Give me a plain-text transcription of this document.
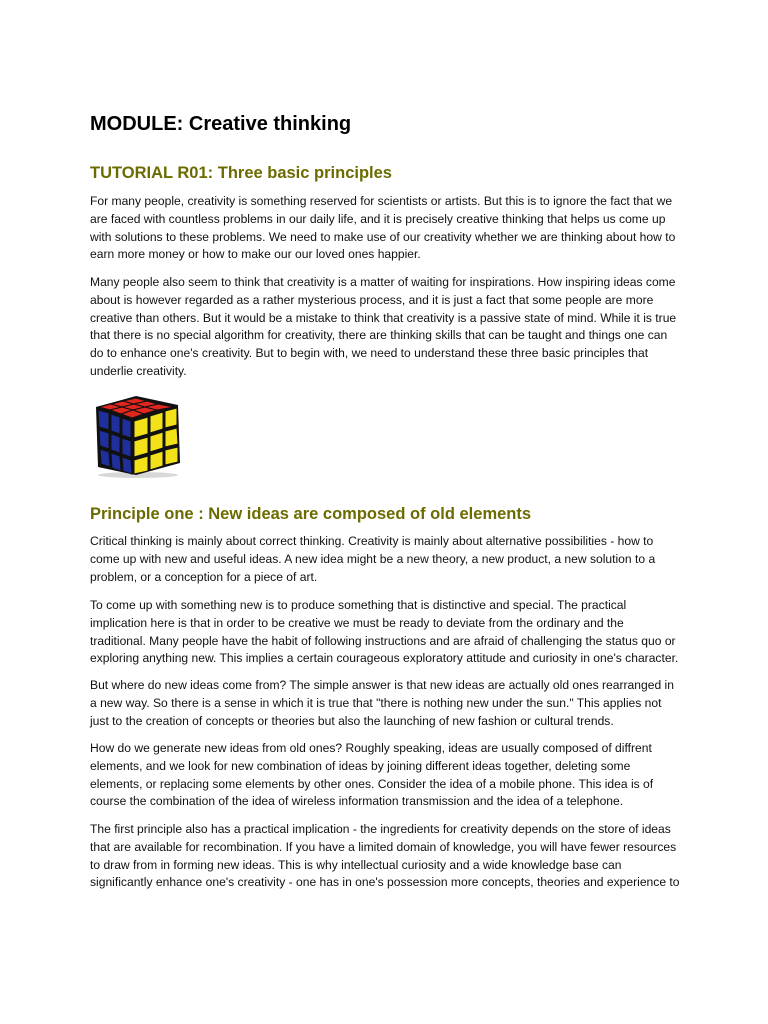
MODULE: Creative thinking
TUTORIAL R01: Three basic principles

For many people, creativity is something reserved for scientists or artists. But this is to ignore the fact that we are faced with countless problems in our daily life, and it is precisely creative thinking that helps us come up with solutions to these problems. We need to make use of our creativity whether we are thinking about how to earn more money or how to make our our loved ones happier.

Many people also seem to think that creativity is a matter of waiting for inspirations. How inspiring ideas come about is however regarded as a rather mysterious process, and it is just a fact that some people are more creative than others. But it would be a mistake to think that creativity is a passive state of mind. While it is true that there is no special algorithm for creativity, there are thinking skills that can be taught and things one can do to enhance one's creativity. But to begin with, we need to understand these three basic principles that underlie creativity.

Principle one : New ideas are composed of old elements

Critical thinking is mainly about correct thinking. Creativity is mainly about alternative possibilities - how to come up with new and useful ideas. A new idea might be a new theory, a new product, a new solution to a problem, or a conception for a piece of art.

To come up with something new is to produce something that is distinctive and special. The practical implication here is that in order to be creative we must be ready to deviate from the ordinary and the traditional. Many people have the habit of following instructions and are afraid of challenging the status quo or exploring anything new. This implies a certain courageous exploratory attitude and curiosity in one's character.

But where do new ideas come from? The simple answer is that new ideas are actually old ones rearranged in a new way. So there is a sense in which it is true that "there is nothing new under the sun." This applies not just to the creation of concepts or theories but also the launching of new fashion or cultural trends.

How do we generate new ideas from old ones? Roughly speaking, ideas are usually composed of diffrent elements, and we look for new combination of ideas by joining different ideas together, deleting some elements, or replacing some elements by other ones. Consider the idea of a mobile phone. This idea is of course the combination of the idea of wireless information transmission and the idea of a telephone.

The first principle also has a practical implication - the ingredients for creativity depends on the store of ideas that are available for recombination. If you have a limited domain of knowledge, you will have fewer resources to draw from in forming new ideas. This is why intellectual curiosity and a wide knowledge base can significantly enhance one's creativity - one has in one's possession more concepts, theories and experience to
